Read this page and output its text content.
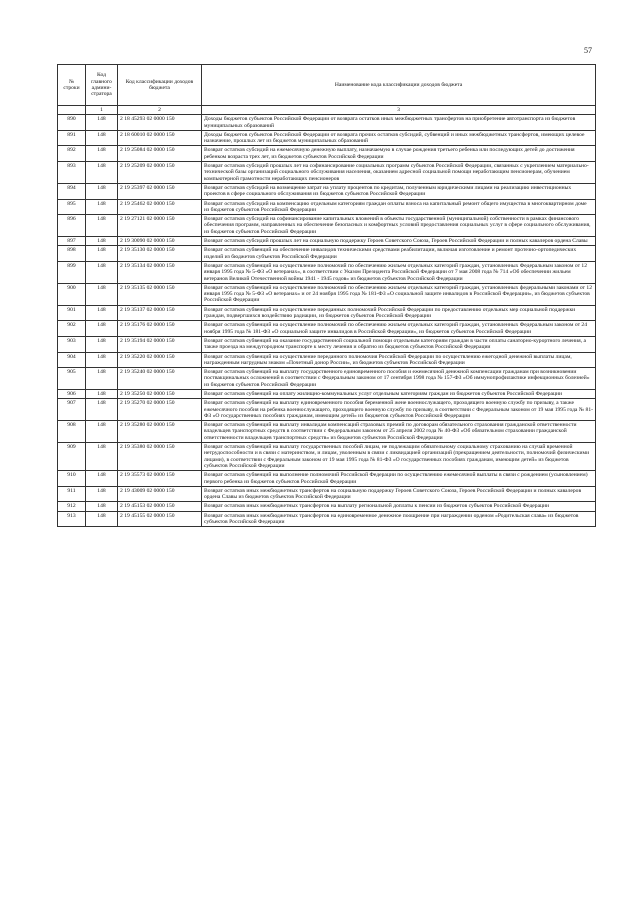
57
№ строки	Код главного админи-стратора	Код классификации доходов бюджета	Наименование кода классификации доходов бюджета
	1	2	3
890	148	2 18 45293 02 0000 150	Доходы бюджетов субъектов Российской Федерации от возврата остатков иных межбюджетных трансфертов на приобретение автотранспорта из бюджетов муниципальных образований
891	148	2 18 60010 02 0000 150	Доходы бюджетов субъектов Российской Федерации от возврата прочих остатков субсидий, субвенций и иных межбюджетных трансфертов, имеющих целевое назначение, прошлых лет из бюджетов муниципальных образований
892	148	2 19 25084 02 0000 150	Возврат остатков субсидий на ежемесячную денежную выплату, назначаемую в случае рождения третьего ребенка или последующих детей до достижения ребенком возраста трех лет, из бюджетов субъектов Российской Федерации
893	148	2 19 25209 02 0000 150	Возврат остатков субсидий прошлых лет на софинансирование социальных программ субъектов Российской Федерации, связанных с укреплением материально-технической базы организаций социального обслуживания населения, оказанием адресной социальной помощи неработающим пенсионерам, обучением компьютерной грамотности неработающих пенсионеров
894	148	2 19 25397 02 0000 150	Возврат остатков субсидий на возмещение затрат на уплату процентов по кредитам, полученным юридическими лицами на реализацию инвестиционных проектов в сфере социального обслуживания из бюджетов субъектов Российской Федерации
895	148	2 19 25462 02 0000 150	Возврат остатков субсидий на компенсацию отдельным категориям граждан оплаты взноса на капитальный ремонт общего имущества в многоквартирном доме из бюджетов субъектов Российской Федерации
896	148	2 19 27121 02 0000 150	Возврат остатков субсидий на софинансирование капитальных вложений в объекты государственной (муниципальной) собственности в рамках финансового обеспечения программ, направленных на обеспечение безопасных и комфортных условий предоставления социальных услуг в сфере социального обслуживания, из бюджетов субъектов Российской Федерации
897	148	2 19 30090 02 0000 150	Возврат остатков субсидий прошлых лет на социальную поддержку Героев Советского Союза, Героев Российской Федерации и полных кавалеров ордена Славы
898	148	2 19 35130 02 0000 150	Возврат остатков субвенций на обеспечение инвалидов техническими средствами реабилитации, включая изготовление и ремонт протезно-ортопедических изделий из бюджетов субъектов Российской Федерации
899	148	2 19 35134 02 0000 150	Возврат остатков субвенций на осуществление полномочий по обеспечению жильем отдельных категорий граждан, установленных Федеральным законом от 12 января 1995 года № 5-ФЗ «О ветеранах», в соответствии с Указом Президента Российской Федерации от 7 мая 2008 года № 714 «Об обеспечении жильем ветеранов Великой Отечественной войны 1941 - 1945 годов» из бюджетов субъектов Российской Федерации
900	148	2 19 35135 02 0000 150	Возврат остатков субвенций на осуществление полномочий по обеспечению жильем отдельных категорий граждан, установленных федеральными законами от 12 января 1995 года № 5-ФЗ «О ветеранах» и от 24 ноября 1995 года № 181-ФЗ «О социальной защите инвалидов в Российской Федерации», из бюджетов субъектов Российской Федерации
901	148	2 19 35137 02 0000 150	Возврат остатков субвенций на осуществление переданных полномочий Российской Федерации по предоставлению отдельных мер социальной поддержки граждан, подвергшихся воздействию радиации, из бюджетов субъектов Российской Федерации
902	148	2 19 35176 02 0000 150	Возврат остатков субвенций на осуществление полномочий по обеспечению жильем отдельных категорий граждан, установленных Федеральным законом от 24 ноября 1995 года № 181-ФЗ «О социальной защите инвалидов в Российской Федерации», из бюджетов субъектов Российской Федерации
903	148	2 19 35194 02 0000 150	Возврат остатков субвенций на оказание государственной социальной помощи отдельным категориям граждан в части оплаты санаторно-курортного лечения, а также проезда на междугородном транспорте к месту лечения и обратно из бюджетов субъектов Российской Федерации
904	148	2 19 35220 02 0000 150	Возврат остатков субвенций на осуществление переданного полномочия Российской Федерации по осуществлению ежегодной денежной выплаты лицам, награжденным нагрудным знаком «Почетный донор России», из бюджетов субъектов Российской Федерации
905	148	2 19 35240 02 0000 150	Возврат остатков субвенций на выплату государственного единовременного пособия и ежемесячной денежной компенсации гражданам при возникновении поствакцинальных осложнений в соответствии с Федеральным законом от 17 сентября 1998 года № 157-ФЗ «Об иммунопрофилактике инфекционных болезней» из бюджетов субъектов Российской Федерации
906	148	2 19 35250 02 0000 150	Возврат остатков субвенций на оплату жилищно-коммунальных услуг отдельным категориям граждан из бюджетов субъектов Российской Федерации
907	148	2 19 35270 02 0000 150	Возврат остатков субвенций на выплату единовременного пособия беременной жене военнослужащего, проходящего военную службу по призыву, а также ежемесячного пособия на ребенка военнослужащего, проходящего военную службу по призыву, в соответствии с Федеральным законом от 19 мая 1995 года № 81-ФЗ «О государственных пособиях гражданам, имеющим детей» из бюджетов субъектов Российской Федерации
908	148	2 19 35280 02 0000 150	Возврат остатков субвенций на выплату инвалидам компенсаций страховых премий по договорам обязательного страхования гражданской ответственности владельцев транспортных средств в соответствии с Федеральным законом от 25 апреля 2002 года № 40-ФЗ «Об обязательном страховании гражданской ответственности владельцев транспортных средств» из бюджетов субъектов Российской Федерации
909	148	2 19 35380 02 0000 150	Возврат остатков субвенций на выплату государственных пособий лицам, не подлежащим обязательному социальному страхованию на случай временной нетрудоспособности и в связи с материнством, и лицам, уволенным в связи с ликвидацией организаций (прекращением деятельности, полномочий физическими лицами), в соответствии с Федеральным законом от 19 мая 1995 года № 81-ФЗ «О государственных пособиях гражданам, имеющим детей» из бюджетов субъектов Российской Федерации
910	148	2 19 35573 02 0000 150	Возврат остатков субвенций на выполнение полномочий Российской Федерации по осуществлению ежемесячной выплаты в связи с рождением (усыновлением) первого ребенка из бюджетов субъектов Российской Федерации
911	148	2 19 43009 02 0000 150	Возврат остатков иных межбюджетных трансфертов на социальную поддержку Героев Советского Союза, Героев Российской Федерации и полных кавалеров ордена Славы из бюджетов субъектов Российской Федерации
912	148	2 19 45153 02 0000 150	Возврат остатков иных межбюджетных трансфертов на выплату региональной доплаты к пенсии из бюджетов субъектов Российской Федерации
913	148	2 19 45155 02 0000 150	Возврат остатков иных межбюджетных трансфертов на единовременное денежное поощрение при награждении орденом «Родительская слава» из бюджетов субъектов Российской Федерации
